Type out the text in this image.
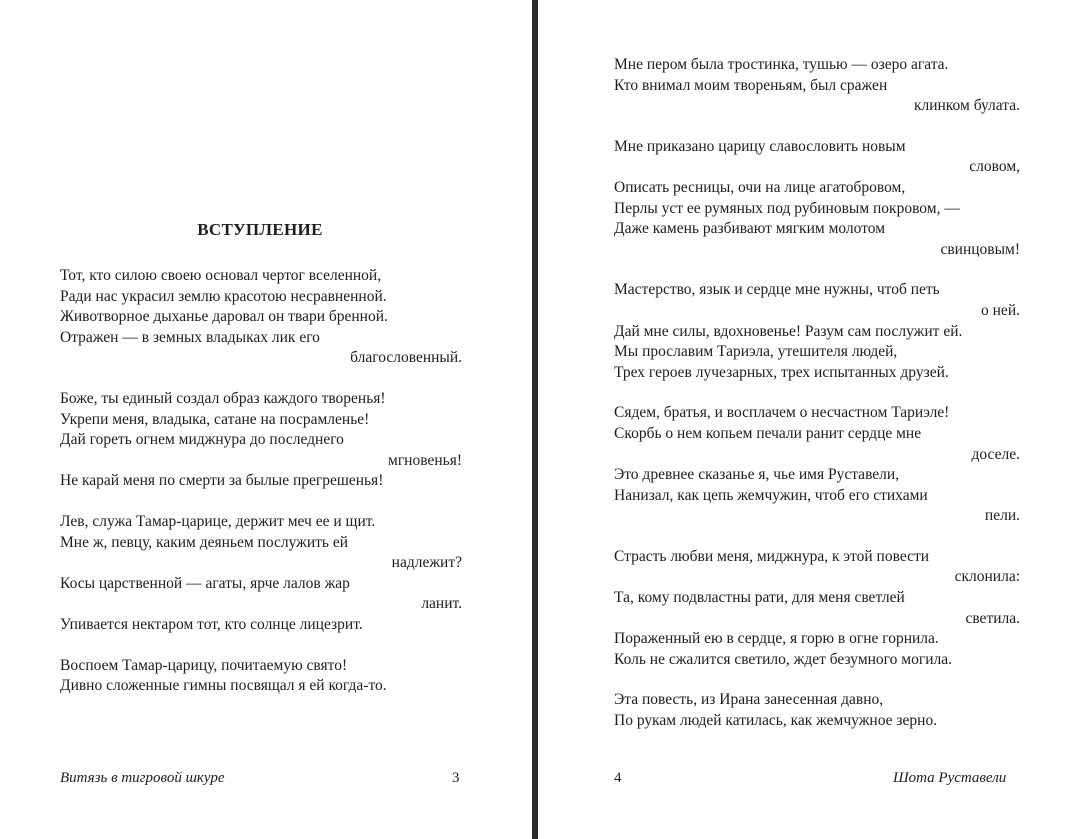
ВСТУПЛЕНИЕ
Тот, кто силою своею основал чертог вселенной,
Ради нас украсил землю красотою несравненной.
Животворное дыханье даровал он твари бренной.
Отражен — в земных владыках лик его
благословенный.
Боже, ты единый создал образ каждого творенья!
Укрепи меня, владыка, сатане на посрамленье!
Дай гореть огнем миджнура до последнего
мгновенья!
Не карай меня по смерти за былые прегрешенья!
Лев, служа Тамар-царице, держит меч ее и щит.
Мне ж, певцу, каким деяньем послужить ей
надлежит?
Косы царственной — агаты, ярче лалов жар
ланит.
Упивается нектаром тот, кто солнце лицезрит.
Воспоем Тамар-царицу, почитаемую свято!
Дивно сложенные гимны посвящал я ей когда-то.
Витязь в тигровой шкуре	3
Мне пером была тростинка, тушью — озеро агата.
Кто внимал моим твореньям, был сражен
клинком булата.
Мне приказано царицу славословить новым
словом,
Описать ресницы, очи на лице агатобровом,
Перлы уст ее румяных под рубиновым покровом, —
Даже камень разбивают мягким молотом
свинцовым!
Мастерство, язык и сердце мне нужны, чтоб петь
о ней.
Дай мне силы, вдохновенье! Разум сам послужит ей.
Мы прославим Тариэла, утешителя людей,
Трех героев лучезарных, трех испытанных друзей.
Сядем, братья, и восплачем о несчастном Тариэле!
Скорбь о нем копьем печали ранит сердце мне
доселе.
Это древнее сказанье я, чье имя Руставели,
Нанизал, как цепь жемчужин, чтоб его стихами
пели.
Страсть любви меня, миджнура, к этой повести
склонила:
Та, кому подвластны рати, для меня светлей
светила.
Пораженный ею в сердце, я горю в огне горнила.
Коль не сжалится светило, ждет безумного могила.
Эта повесть, из Ирана занесенная давно,
По рукам людей катилась, как жемчужное зерно.
4	Шота Руставели
